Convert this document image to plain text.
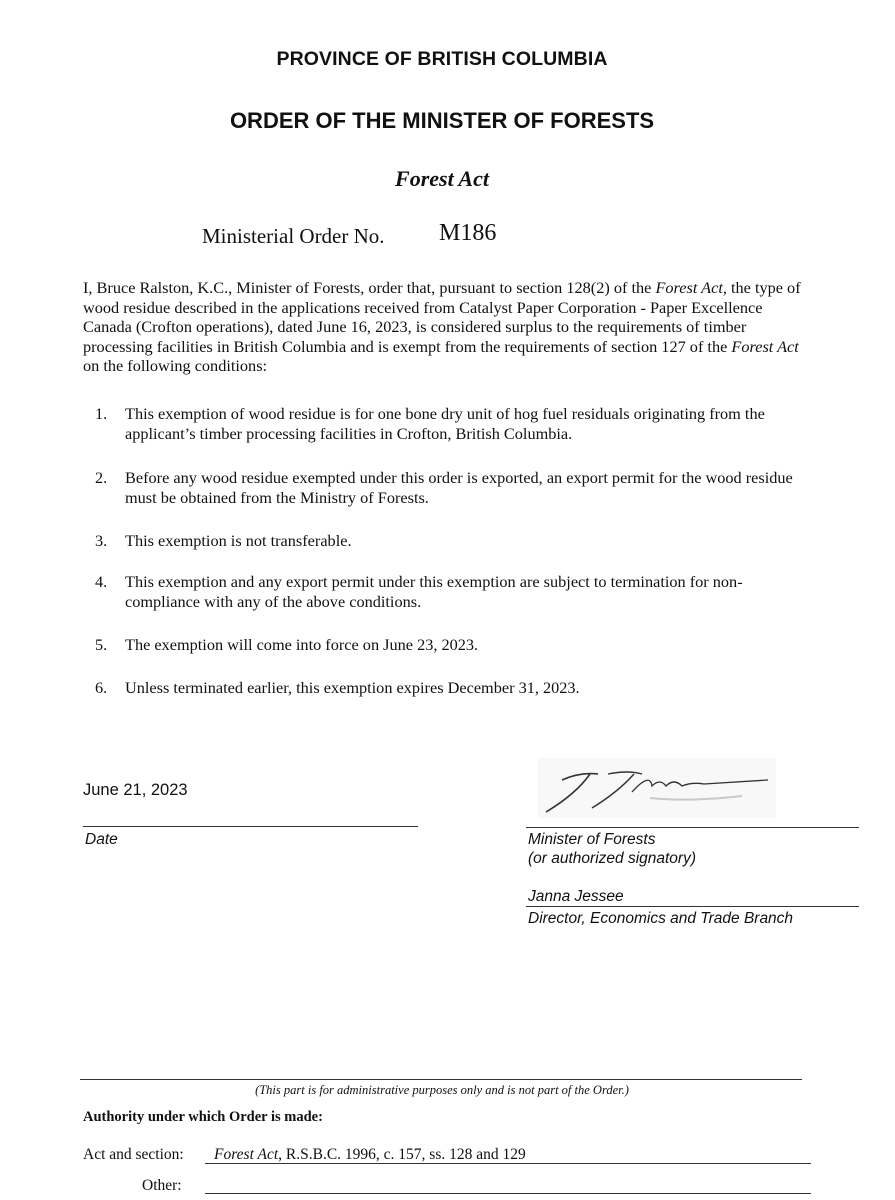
PROVINCE OF BRITISH COLUMBIA
ORDER OF THE MINISTER OF FORESTS
Forest Act
Ministerial Order No. M186
I, Bruce Ralston, K.C., Minister of Forests, order that, pursuant to section 128(2) of the Forest Act, the type of wood residue described in the applications received from Catalyst Paper Corporation - Paper Excellence Canada (Crofton operations), dated June 16, 2023, is considered surplus to the requirements of timber processing facilities in British Columbia and is exempt from the requirements of section 127 of the Forest Act on the following conditions:
1.	This exemption of wood residue is for one bone dry unit of hog fuel residuals originating from the applicant’s timber processing facilities in Crofton, British Columbia.
2.	Before any wood residue exempted under this order is exported, an export permit for the wood residue must be obtained from the Ministry of Forests.
3.	This exemption is not transferable.
4.	This exemption and any export permit under this exemption are subject to termination for non-compliance with any of the above conditions.
5.	The exemption will come into force on June 23, 2023.
6.	Unless terminated earlier, this exemption expires December 31, 2023.
June 21, 2023
Date	Minister of Forests
(or authorized signatory)
Janna Jessee
Director, Economics and Trade Branch
(This part is for administrative purposes only and is not part of the Order.)
Authority under which Order is made:
Act and section: Forest Act, R.S.B.C. 1996, c. 157, ss. 128 and 129
Other:
